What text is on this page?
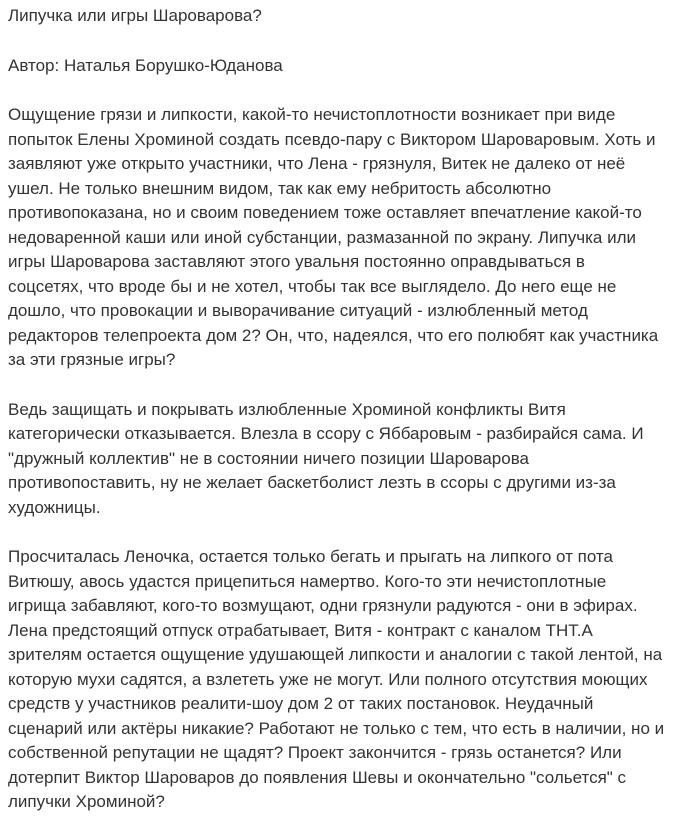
Липучка или игры Шароварова?

Автор: Наталья Борушко-Юданова

Ощущение грязи и липкости, какой-то нечистоплотности возникает при виде
попыток Елены Хроминой создать псевдо-пару с Виктором Шароваровым. Хоть и
заявляют уже открыто участники, что Лена - грязнуля, Витек не далеко от неё
ушел. Не только внешним видом, так как ему небритость абсолютно
противопоказана, но и своим поведением тоже оставляет впечатление какой-то
недоваренной каши или иной субстанции, размазанной по экрану. Липучка или
игры Шароварова заставляют этого увальня постоянно оправдываться в
соцсетях, что вроде бы и не хотел, чтобы так все выглядело. До него еще не
дошло, что провокации и выворачивание ситуаций - излюбленный метод
редакторов телепроекта дом 2? Он, что, надеялся, что его полюбят как участника
за эти грязные игры?

Ведь защищать и покрывать излюбленные Хроминой конфликты Витя
категорически отказывается. Влезла в ссору с Яббаровым - разбирайся сама. И
"дружный коллектив" не в состоянии ничего позиции Шароварова
противопоставить, ну не желает баскетболист лезть в ссоры с другими из-за
художницы.

Просчиталась Леночка, остается только бегать и прыгать на липкого от пота
Витюшу, авось удастся прицепиться намертво. Кого-то эти нечистоплотные
игрища забавляют, кого-то возмущают, одни грязнули радуются - они в эфирах.
Лена предстоящий отпуск отрабатывает, Витя - контракт с каналом ТНТ.А
зрителям остается ощущение удушающей липкости и аналогии с такой лентой, на
которую мухи садятся, а взлететь уже не могут. Или полного отсутствия моющих
средств у участников реалити-шоу дом 2 от таких постановок. Неудачный
сценарий или актёры никакие? Работают не только с тем, что есть в наличии, но и
собственной репутации не щадят? Проект закончится - грязь останется? Или
дотерпит Виктор Шароваров до появления Шевы и окончательно "сольется" с
липучки Хроминой?
